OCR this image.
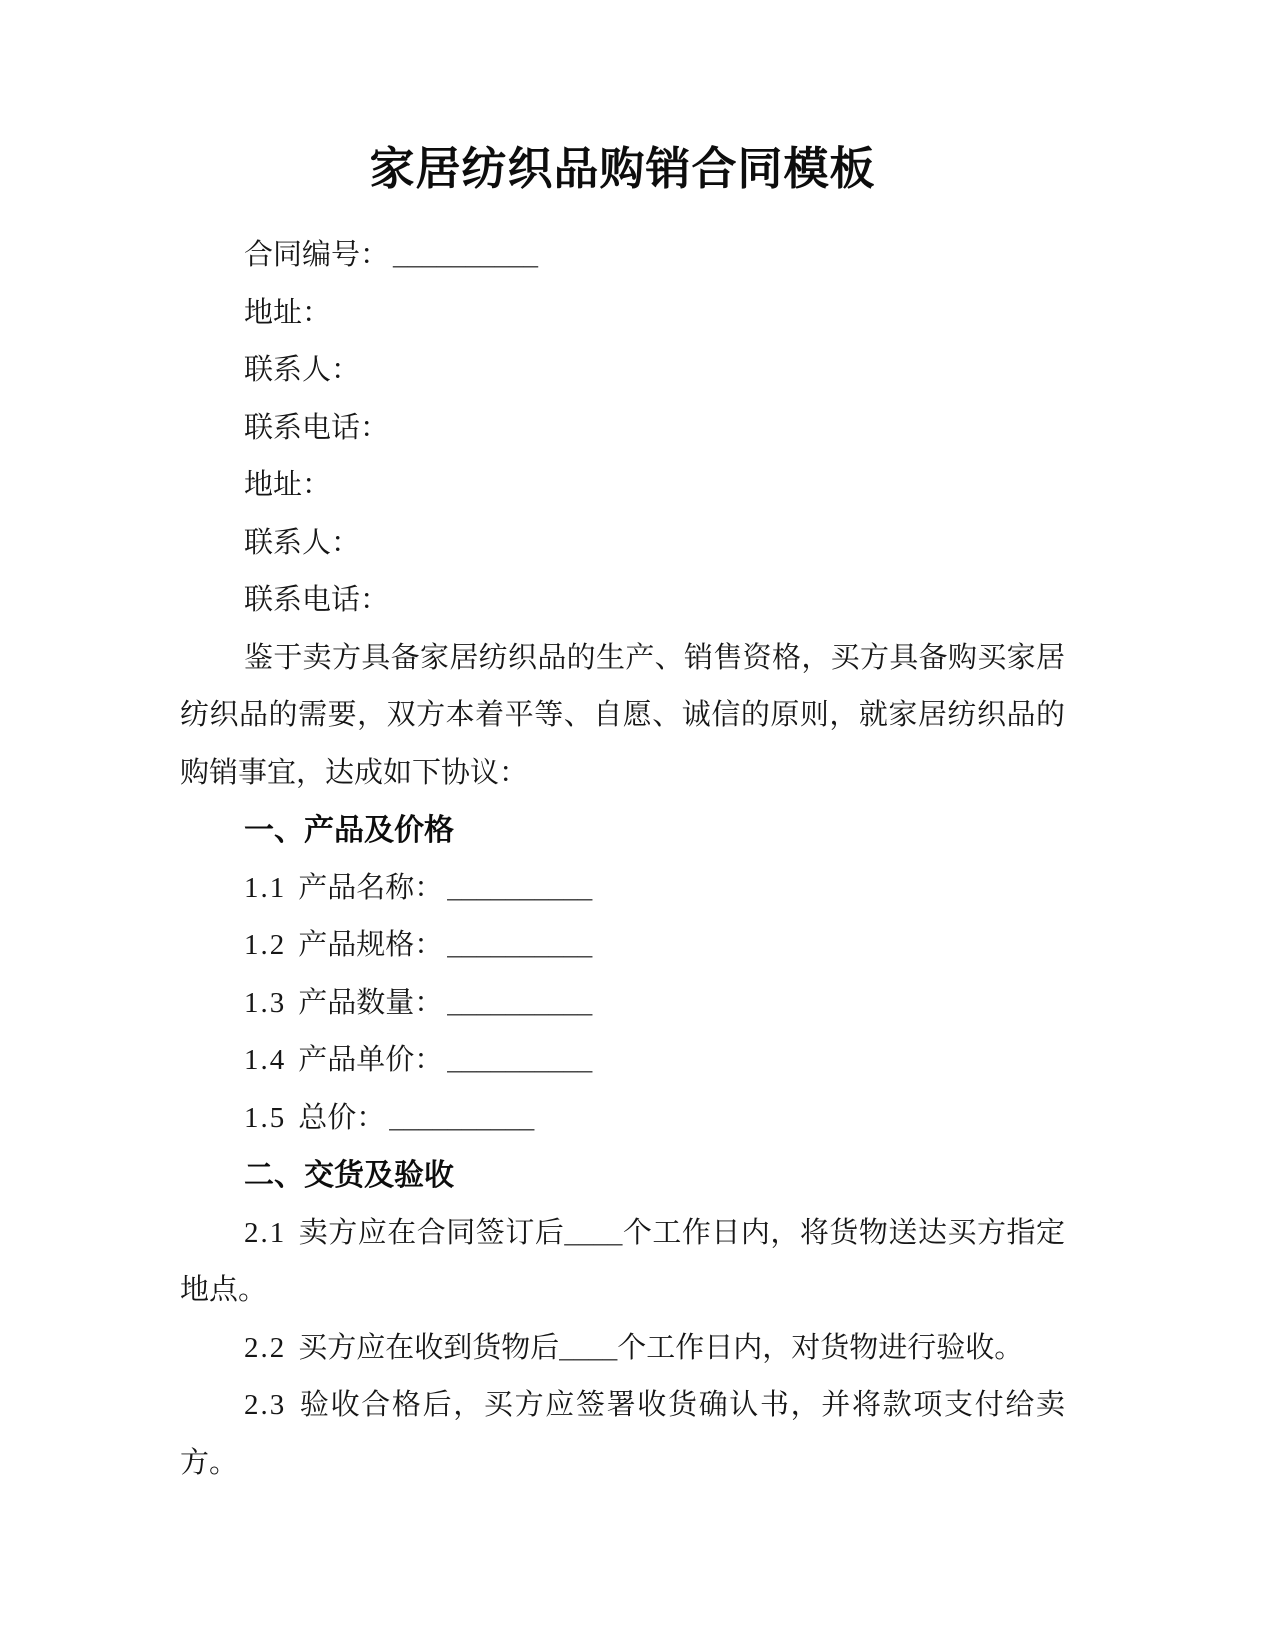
家居纺织品购销合同模板

合同编号： __________

地址：

联系人：

联系电话：

地址：

联系人：

联系电话：

鉴于卖方具备家居纺织品的生产、销售资格，买方具备购买家居纺织品的需要，双方本着平等、自愿、诚信的原则，就家居纺织品的购销事宜，达成如下协议：

一、产品及价格

1.1 产品名称： __________

1.2 产品规格： __________

1.3 产品数量： __________

1.4 产品单价： __________

1.5 总价： __________

二、交货及验收

2.1 卖方应在合同签订后____个工作日内，将货物送达买方指定地点。

2.2 买方应在收到货物后____个工作日内，对货物进行验收。

2.3 验收合格后，买方应签署收货确认书，并将款项支付给卖方。
